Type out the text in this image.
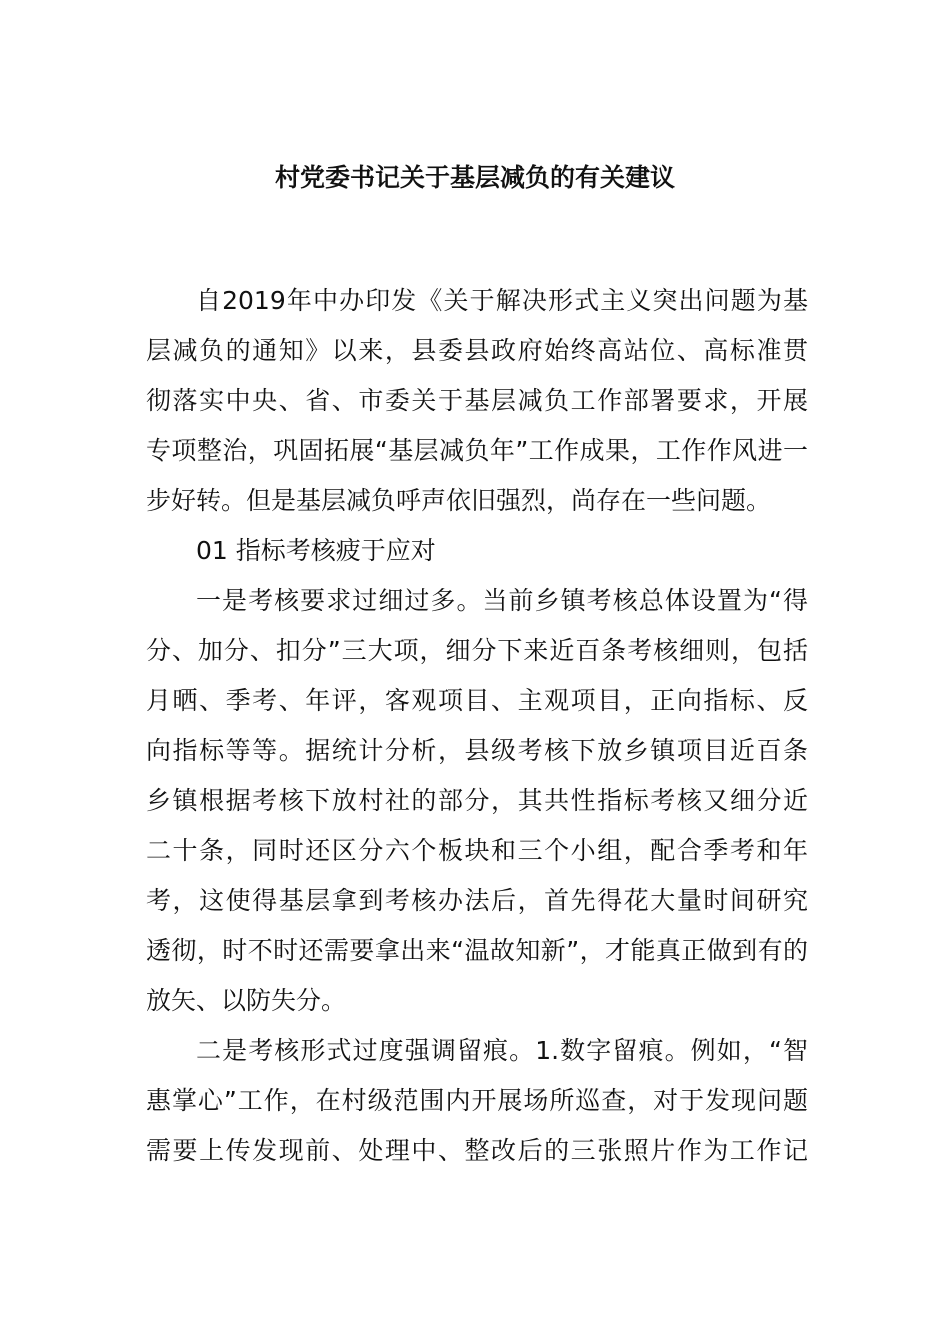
村党委书记关于基层减负的有关建议
自2019年中办印发《关于解决形式主义突出问题为基
层减负的通知》以来，县委县政府始终高站位、高标准贯
彻落实中央、省、市委关于基层减负工作部署要求，开展
专项整治，巩固拓展“基层减负年”工作成果，工作作风进一
步好转。但是基层减负呼声依旧强烈，尚存在一些问题。
01 指标考核疲于应对
一是考核要求过细过多。当前乡镇考核总体设置为“得
分、加分、扣分”三大项，细分下来近百条考核细则，包括
月晒、季考、年评，客观项目、主观项目，正向指标、反
向指标等等。据统计分析，县级考核下放乡镇项目近百条
乡镇根据考核下放村社的部分，其共性指标考核又细分近
二十条，同时还区分六个板块和三个小组，配合季考和年
考，这使得基层拿到考核办法后，首先得花大量时间研究
透彻，时不时还需要拿出来“温故知新”，才能真正做到有的
放矢、以防失分。
二是考核形式过度强调留痕。1.数字留痕。例如，“智
惠掌心”工作，在村级范围内开展场所巡查，对于发现问题
需要上传发现前、处理中、整改后的三张照片作为工作记
